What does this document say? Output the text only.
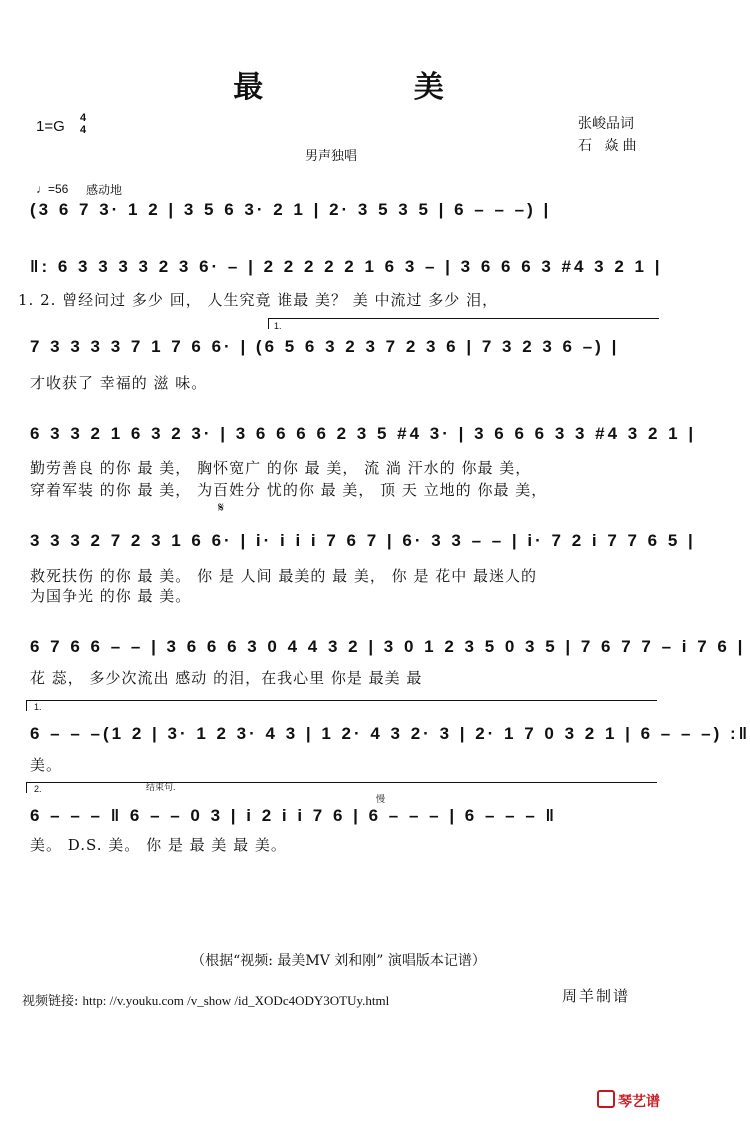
最 美
1=G 4
4	张峻品词
石 焱曲
男声独唱
♩=56 感动地
(3 6 7 3· 1 2 | 3 5 6 3· 2 1 | 2· 3 5 3 5 | 6 – – –) |
‖: 6 3 3 3 3 2 3 6· – | 2 2 2 2 2 1 6 3 – | 3 6 6 6 3 #4 3 2 1 |
1. 2. 曾经问过 多少 回， 人生究竟 谁最 美？ 美 中流过 多少 泪，
7 3 3 3 3 7 1 7 6 6· | (6 5 6 3 2 3 7 2 3 6 | 7 3 2 3 6 –) |
才收获了 幸福的 滋 味。
1.
6 3 3 2 1 6 3 2 3· | 3 6 6 6 6 2 3 5 #4 3· | 3 6 6 6 3 3 #4 3 2 1 |
勤劳善良 的你 最 美， 胸怀宽广 的你 最 美， 流 淌 汗水的 你最 美，
穿着军装 的你 最 美， 为百姓分 忧的你 最 美， 顶 天 立地的 你最 美，
𝄋
3 3 3 2 7 2 3 1 6 6· | i· i i i 7 6 7 | 6· 3 3 – – | i· 7 2 i 7 7 6 5 |
救死扶伤 的你 最 美。 你 是 人间 最美的 最 美， 你 是 花中 最迷人的
为国争光 的你 最 美。
6 7 6 6 – – | 3 6 6 6 3 0 4 4 3 2 | 3 0 1 2 3 5 0 3 5 | 7 6 7 7 – i 7 6 |
花 蕊， 多少次流出 感动 的泪，在我心里 你是 最美 最
1.
6 – – –(1 2 | 3· 1 2 3· 4 3 | 1 2· 4 3 2· 3 | 2· 1 7 0 3 2 1 | 6 – – –) :‖
美。
2.	结束句.
慢
6 – – – ‖ 6 – – 0 3 | i 2 i i 7 6 | 6 – – – | 6 – – – ‖
美。 D.S. 美。 你 是 最 美 最 美。
（根据“视频: 最美MV 刘和刚” 演唱版本记谱）
视频链接: http: //v.youku.com /v_show /id_XODc4ODY3OTUy.html	周羊制谱
琴艺谱
